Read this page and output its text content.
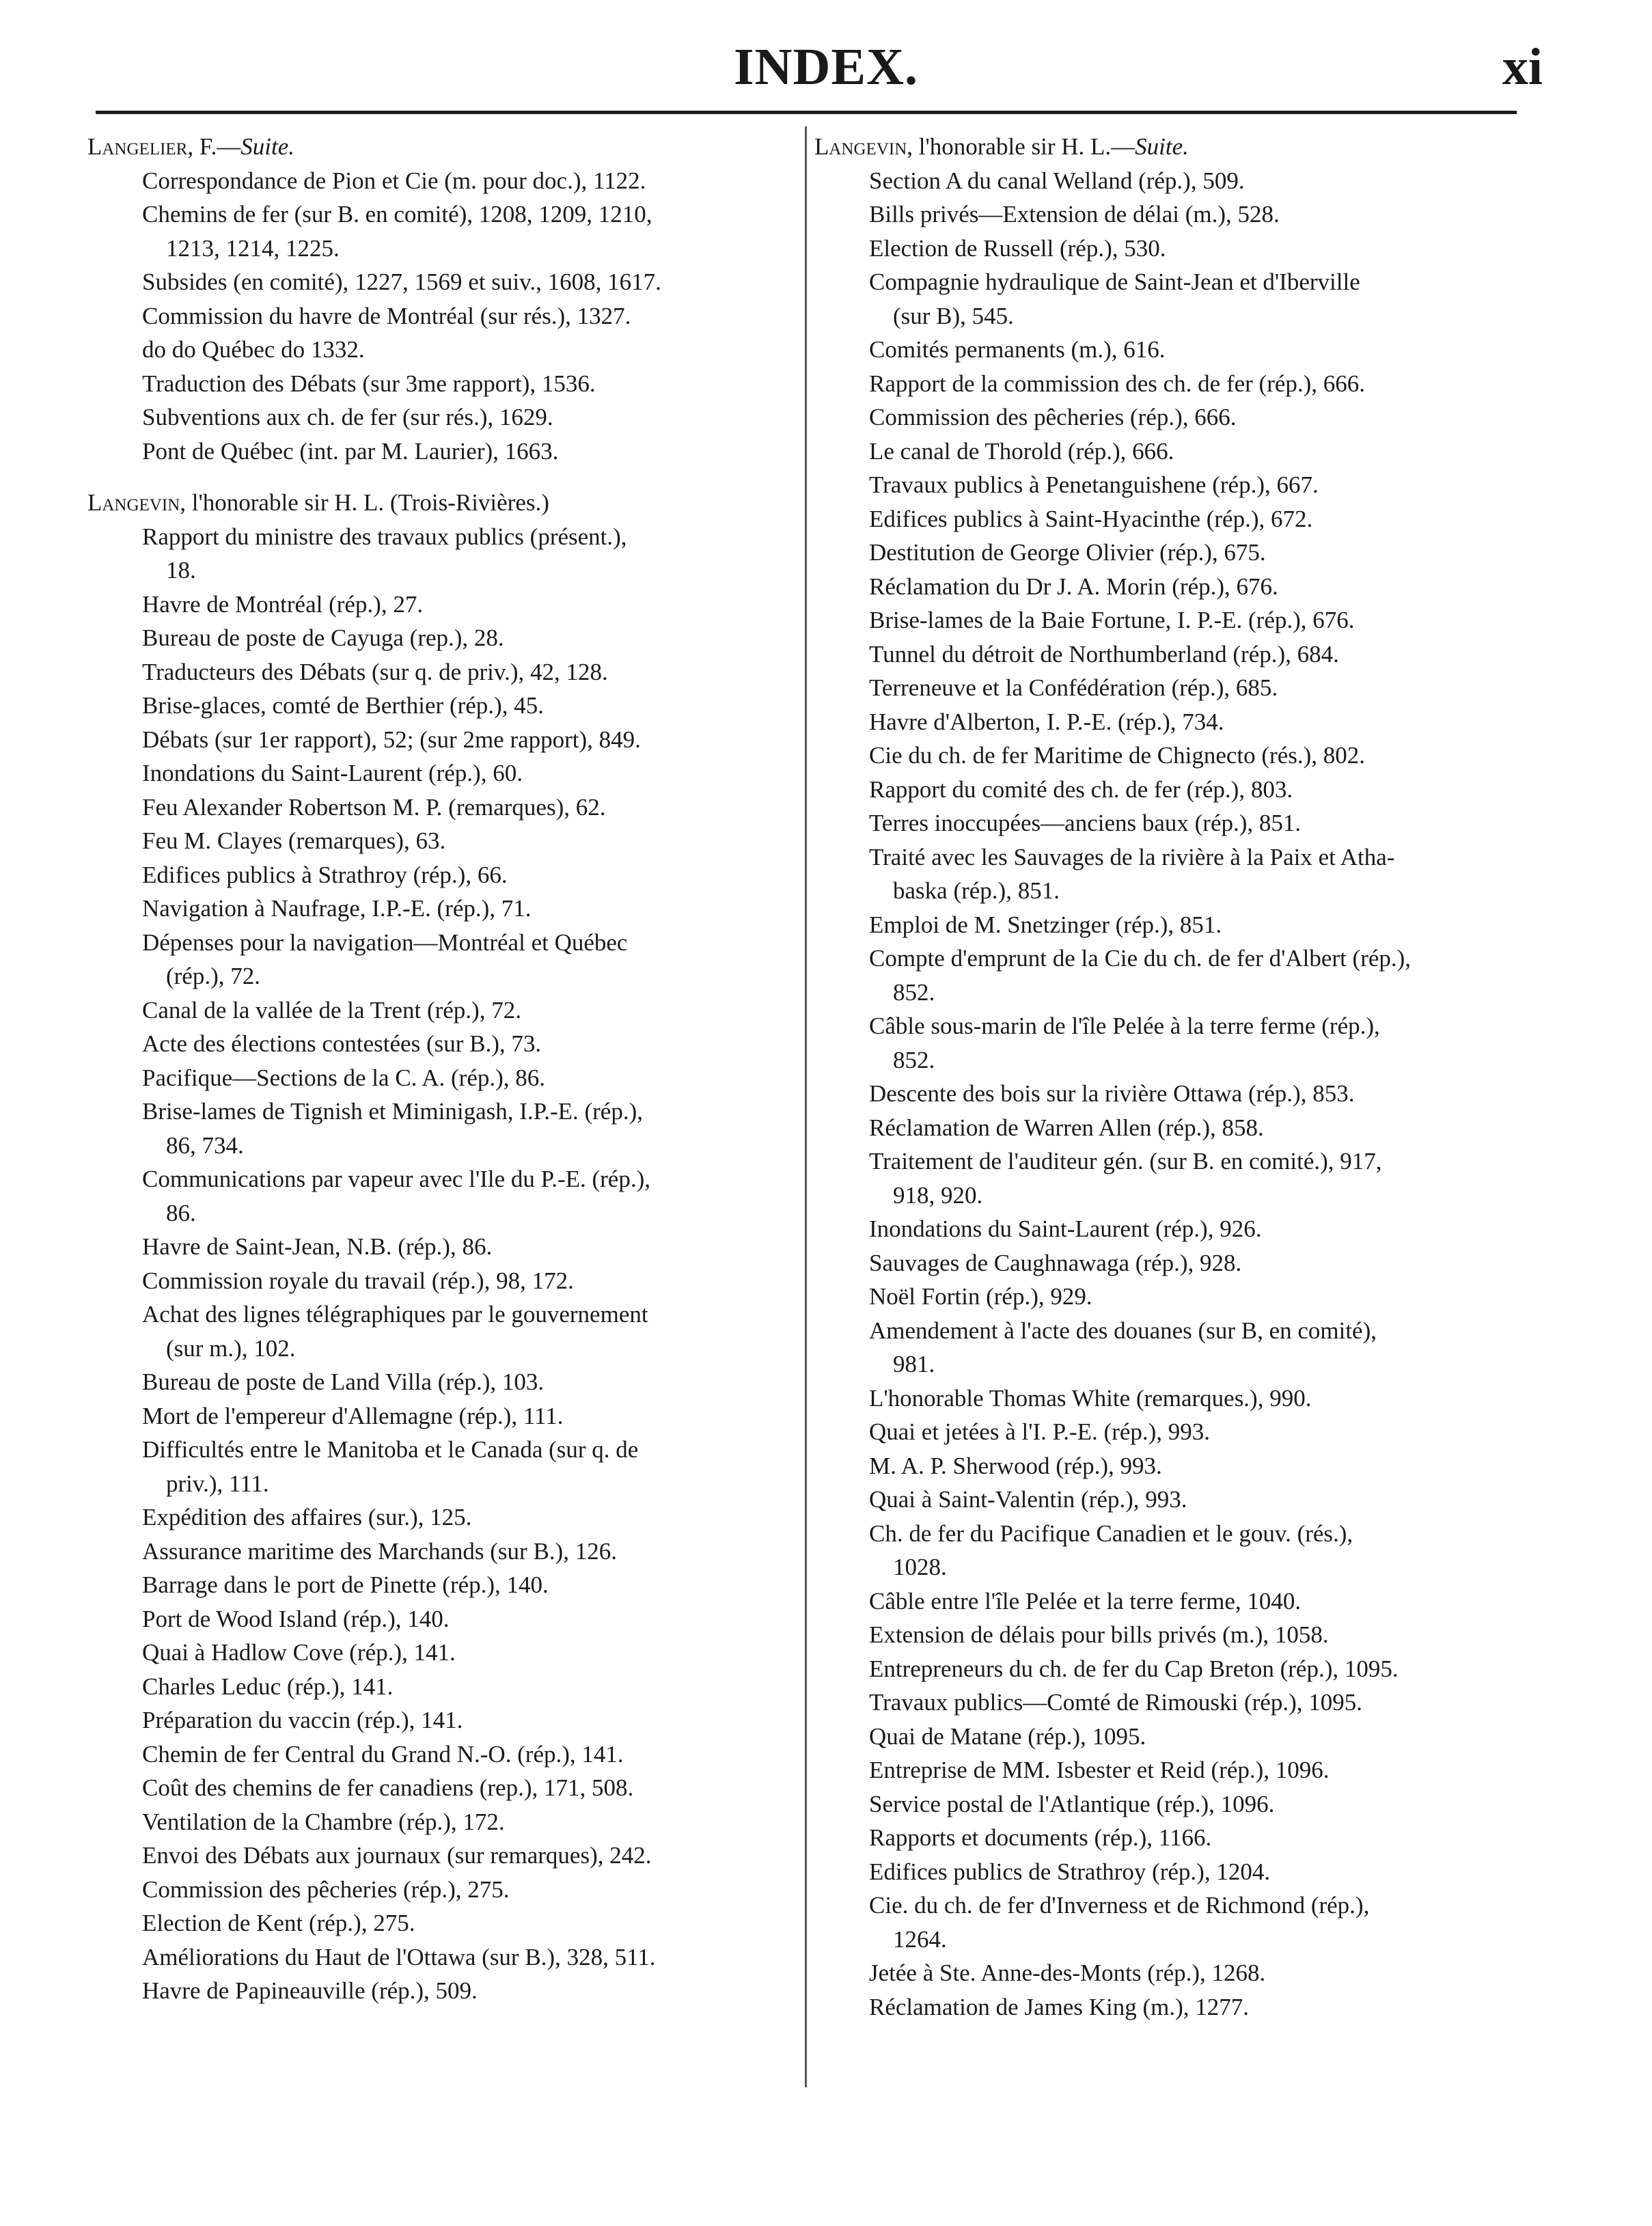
INDEX.	xi
Langelier, F.—Suite.
Correspondance de Pion et Cie (m. pour doc.), 1122.
Chemins de fer (sur B. en comité), 1208, 1209, 1210,
1213, 1214, 1225.
Subsides (en comité), 1227, 1569 et suiv., 1608, 1617.
Commission du havre de Montréal (sur rés.), 1327.
do do Québec do 1332.
Traduction des Débats (sur 3me rapport), 1536.
Subventions aux ch. de fer (sur rés.), 1629.
Pont de Québec (int. par M. Laurier), 1663.
Langevin, l'honorable sir H. L. (Trois-Rivières.)
Rapport du ministre des travaux publics (présent.),
18.
Havre de Montréal (rép.), 27.
Bureau de poste de Cayuga (rep.), 28.
Traducteurs des Débats (sur q. de priv.), 42, 128.
Brise-glaces, comté de Berthier (rép.), 45.
Débats (sur 1er rapport), 52; (sur 2me rapport), 849.
Inondations du Saint-Laurent (rép.), 60.
Feu Alexander Robertson M. P. (remarques), 62.
Feu M. Clayes (remarques), 63.
Edifices publics à Strathroy (rép.), 66.
Navigation à Naufrage, I.P.-E. (rép.), 71.
Dépenses pour la navigation—Montréal et Québec
(rép.), 72.
Canal de la vallée de la Trent (rép.), 72.
Acte des élections contestées (sur B.), 73.
Pacifique—Sections de la C. A. (rép.), 86.
Brise-lames de Tignish et Miminigash, I.P.-E. (rép.),
86, 734.
Communications par vapeur avec l'Ile du P.-E. (rép.),
86.
Havre de Saint-Jean, N.B. (rép.), 86.
Commission royale du travail (rép.), 98, 172.
Achat des lignes télégraphiques par le gouvernement
(sur m.), 102.
Bureau de poste de Land Villa (rép.), 103.
Mort de l'empereur d'Allemagne (rép.), 111.
Difficultés entre le Manitoba et le Canada (sur q. de
priv.), 111.
Expédition des affaires (sur.), 125.
Assurance maritime des Marchands (sur B.), 126.
Barrage dans le port de Pinette (rép.), 140.
Port de Wood Island (rép.), 140.
Quai à Hadlow Cove (rép.), 141.
Charles Leduc (rép.), 141.
Préparation du vaccin (rép.), 141.
Chemin de fer Central du Grand N.-O. (rép.), 141.
Coût des chemins de fer canadiens (rep.), 171, 508.
Ventilation de la Chambre (rép.), 172.
Envoi des Débats aux journaux (sur remarques), 242.
Commission des pêcheries (rép.), 275.
Election de Kent (rép.), 275.
Améliorations du Haut de l'Ottawa (sur B.), 328, 511.
Havre de Papineauville (rép.), 509.
Langevin, l'honorable sir H. L.—Suite.
Section A du canal Welland (rép.), 509.
Bills privés—Extension de délai (m.), 528.
Election de Russell (rép.), 530.
Compagnie hydraulique de Saint-Jean et d'Iberville
(sur B), 545.
Comités permanents (m.), 616.
Rapport de la commission des ch. de fer (rép.), 666.
Commission des pêcheries (rép.), 666.
Le canal de Thorold (rép.), 666.
Travaux publics à Penetanguishene (rép.), 667.
Edifices publics à Saint-Hyacinthe (rép.), 672.
Destitution de George Olivier (rép.), 675.
Réclamation du Dr J. A. Morin (rép.), 676.
Brise-lames de la Baie Fortune, I. P.-E. (rép.), 676.
Tunnel du détroit de Northumberland (rép.), 684.
Terreneuve et la Confédération (rép.), 685.
Havre d'Alberton, I. P.-E. (rép.), 734.
Cie du ch. de fer Maritime de Chignecto (rés.), 802.
Rapport du comité des ch. de fer (rép.), 803.
Terres inoccupées—anciens baux (rép.), 851.
Traité avec les Sauvages de la rivière à la Paix et Atha-
baska (rép.), 851.
Emploi de M. Snetzinger (rép.), 851.
Compte d'emprunt de la Cie du ch. de fer d'Albert (rép.),
852.
Câble sous-marin de l'île Pelée à la terre ferme (rép.),
852.
Descente des bois sur la rivière Ottawa (rép.), 853.
Réclamation de Warren Allen (rép.), 858.
Traitement de l'auditeur gén. (sur B. en comité.), 917,
918, 920.
Inondations du Saint-Laurent (rép.), 926.
Sauvages de Caughnawaga (rép.), 928.
Noël Fortin (rép.), 929.
Amendement à l'acte des douanes (sur B, en comité),
981.
L'honorable Thomas White (remarques.), 990.
Quai et jetées à l'I. P.-E. (rép.), 993.
M. A. P. Sherwood (rép.), 993.
Quai à Saint-Valentin (rép.), 993.
Ch. de fer du Pacifique Canadien et le gouv. (rés.),
1028.
Câble entre l'île Pelée et la terre ferme, 1040.
Extension de délais pour bills privés (m.), 1058.
Entrepreneurs du ch. de fer du Cap Breton (rép.), 1095.
Travaux publics—Comté de Rimouski (rép.), 1095.
Quai de Matane (rép.), 1095.
Entreprise de MM. Isbester et Reid (rép.), 1096.
Service postal de l'Atlantique (rép.), 1096.
Rapports et documents (rép.), 1166.
Edifices publics de Strathroy (rép.), 1204.
Cie. du ch. de fer d'Inverness et de Richmond (rép.),
1264.
Jetée à Ste. Anne-des-Monts (rép.), 1268.
Réclamation de James King (m.), 1277.
